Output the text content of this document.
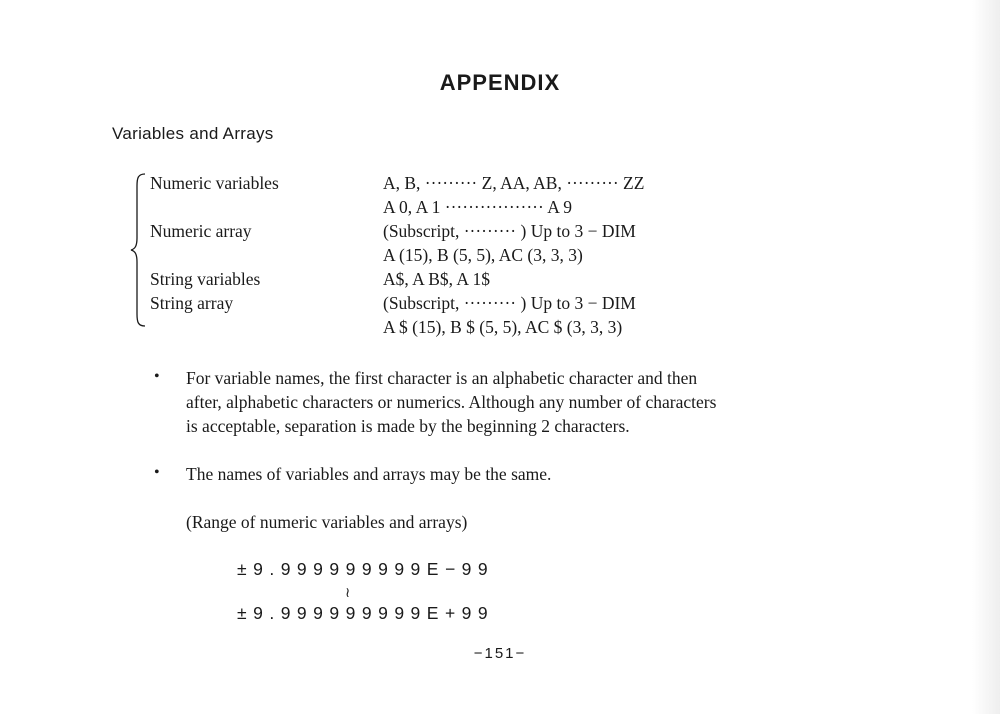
APPENDIX
Variables and Arrays
Numeric variables	A, B, ········· Z, AA, AB, ········· ZZ
A 0, A 1 ················· A 9
Numeric array	(Subscript, ········· ) Up to 3 − DIM
A (15), B (5, 5), AC (3, 3, 3)
String variables	A$, A B$, A 1$
String array	(Subscript, ········· ) Up to 3 − DIM
A $ (15), B $ (5, 5), AC $ (3, 3, 3)
• For variable names, the first character is an alphabetic character and then
after, alphabetic characters or numerics. Although any number of characters
is acceptable, separation is made by the beginning 2 characters.
• The names of variables and arrays may be the same.
(Range of numeric variables and arrays)
±9.999999999E−99
≀
±9.999999999E+99
−151−
